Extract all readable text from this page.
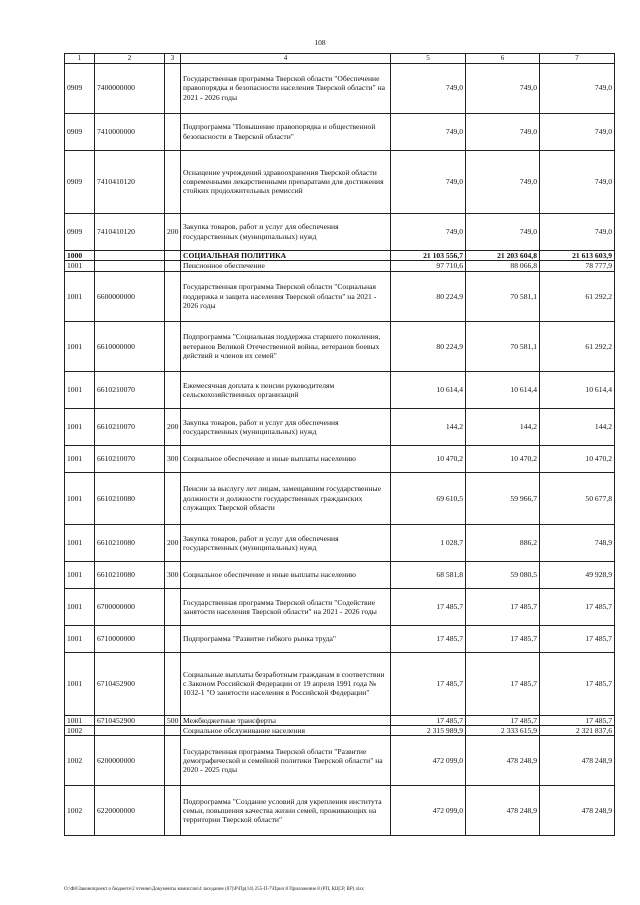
108
1	2	3	4	5	6	7
0909	7400000000		Государственная программа Тверской области "Обеспечение правопорядка и безопасности населения Тверской области" на 2021 - 2026 годы	749,0	749,0	749,0
0909	7410000000		Подпрограмма "Повышение правопорядка и общественной безопасности в Тверской области"	749,0	749,0	749,0
0909	7410410120		Оснащение учреждений здравоохранения Тверской области современными лекарственными препаратами для достижения стойких продолжительных ремиссий	749,0	749,0	749,0
0909	7410410120	200	Закупка товаров, работ и услуг для обеспечения государственных (муниципальных) нужд	749,0	749,0	749,0
1000			СОЦИАЛЬНАЯ ПОЛИТИКА	21 103 556,7	21 203 604,8	21 613 603,9
1001			Пенсионное обеспечение	97 710,6	88 066,8	78 777,9
1001	6600000000		Государственная программа Тверской области "Социальная поддержка и защита населения Тверской области" на 2021 - 2026 годы	80 224,9	70 581,1	61 292,2
1001	6610000000		Подпрограмма "Социальная поддержка старшего поколения, ветеранов Великой Отечественной войны, ветеранов боевых действий и членов их семей"	80 224,9	70 581,1	61 292,2
1001	6610210070		Ежемесячная доплата к пенсии руководителям сельскохозяйственных организаций	10 614,4	10 614,4	10 614,4
1001	6610210070	200	Закупка товаров, работ и услуг для обеспечения государственных (муниципальных) нужд	144,2	144,2	144,2
1001	6610210070	300	Социальное обеспечение и иные выплаты населению	10 470,2	10 470,2	10 470,2
1001	6610210080		Пенсии за выслугу лет лицам, замещавшим государственные должности и должности государственных гражданских служащих Тверской области	69 610,5	59 966,7	50 677,8
1001	6610210080	200	Закупка товаров, работ и услуг для обеспечения государственных (муниципальных) нужд	1 028,7	886,2	748,9
1001	6610210080	300	Социальное обеспечение и иные выплаты населению	68 581,8	59 080,5	49 928,9
1001	6700000000		Государственная программа Тверской области "Содействие занятости населения Тверской области" на 2021 - 2026 годы	17 485,7	17 485,7	17 485,7
1001	6710000000		Подпрограмма "Развитие гибкого рынка труда"	17 485,7	17 485,7	17 485,7
1001	6710452900		Социальные выплаты безработным гражданам в соответствии с Законом Российской Федерации от 19 апреля 1991 года № 1032-1 "О занятости населения в Российской Федерации"	17 485,7	17 485,7	17 485,7
1001	6710452900	500	Межбюджетные трансферты	17 485,7	17 485,7	17 485,7
1002			Социальное обслуживание населения	2 315 989,9	2 333 615,9	2 321 837,6
1002	6200000000		Государственная программа Тверской области "Развитие демографической и семейной политики Тверской области" на 2020 - 2025 годы	472 099,0	478 248,9	478 248,9
1002	6220000000		Подпрограмма "Создание условий для укрепления института семьи, повышения качества жизни семей, проживающих на территории Тверской области"	472 099,0	478 248,9	478 248,9
O:\Ф8\Законопроект о бюджете\2 чтение\Документы комиссии\4 заседание (07)\Р\Пр(14) 255-П-7\Прил 8 Приложение 8 (РП, КЦСР, ВР).xlsx
